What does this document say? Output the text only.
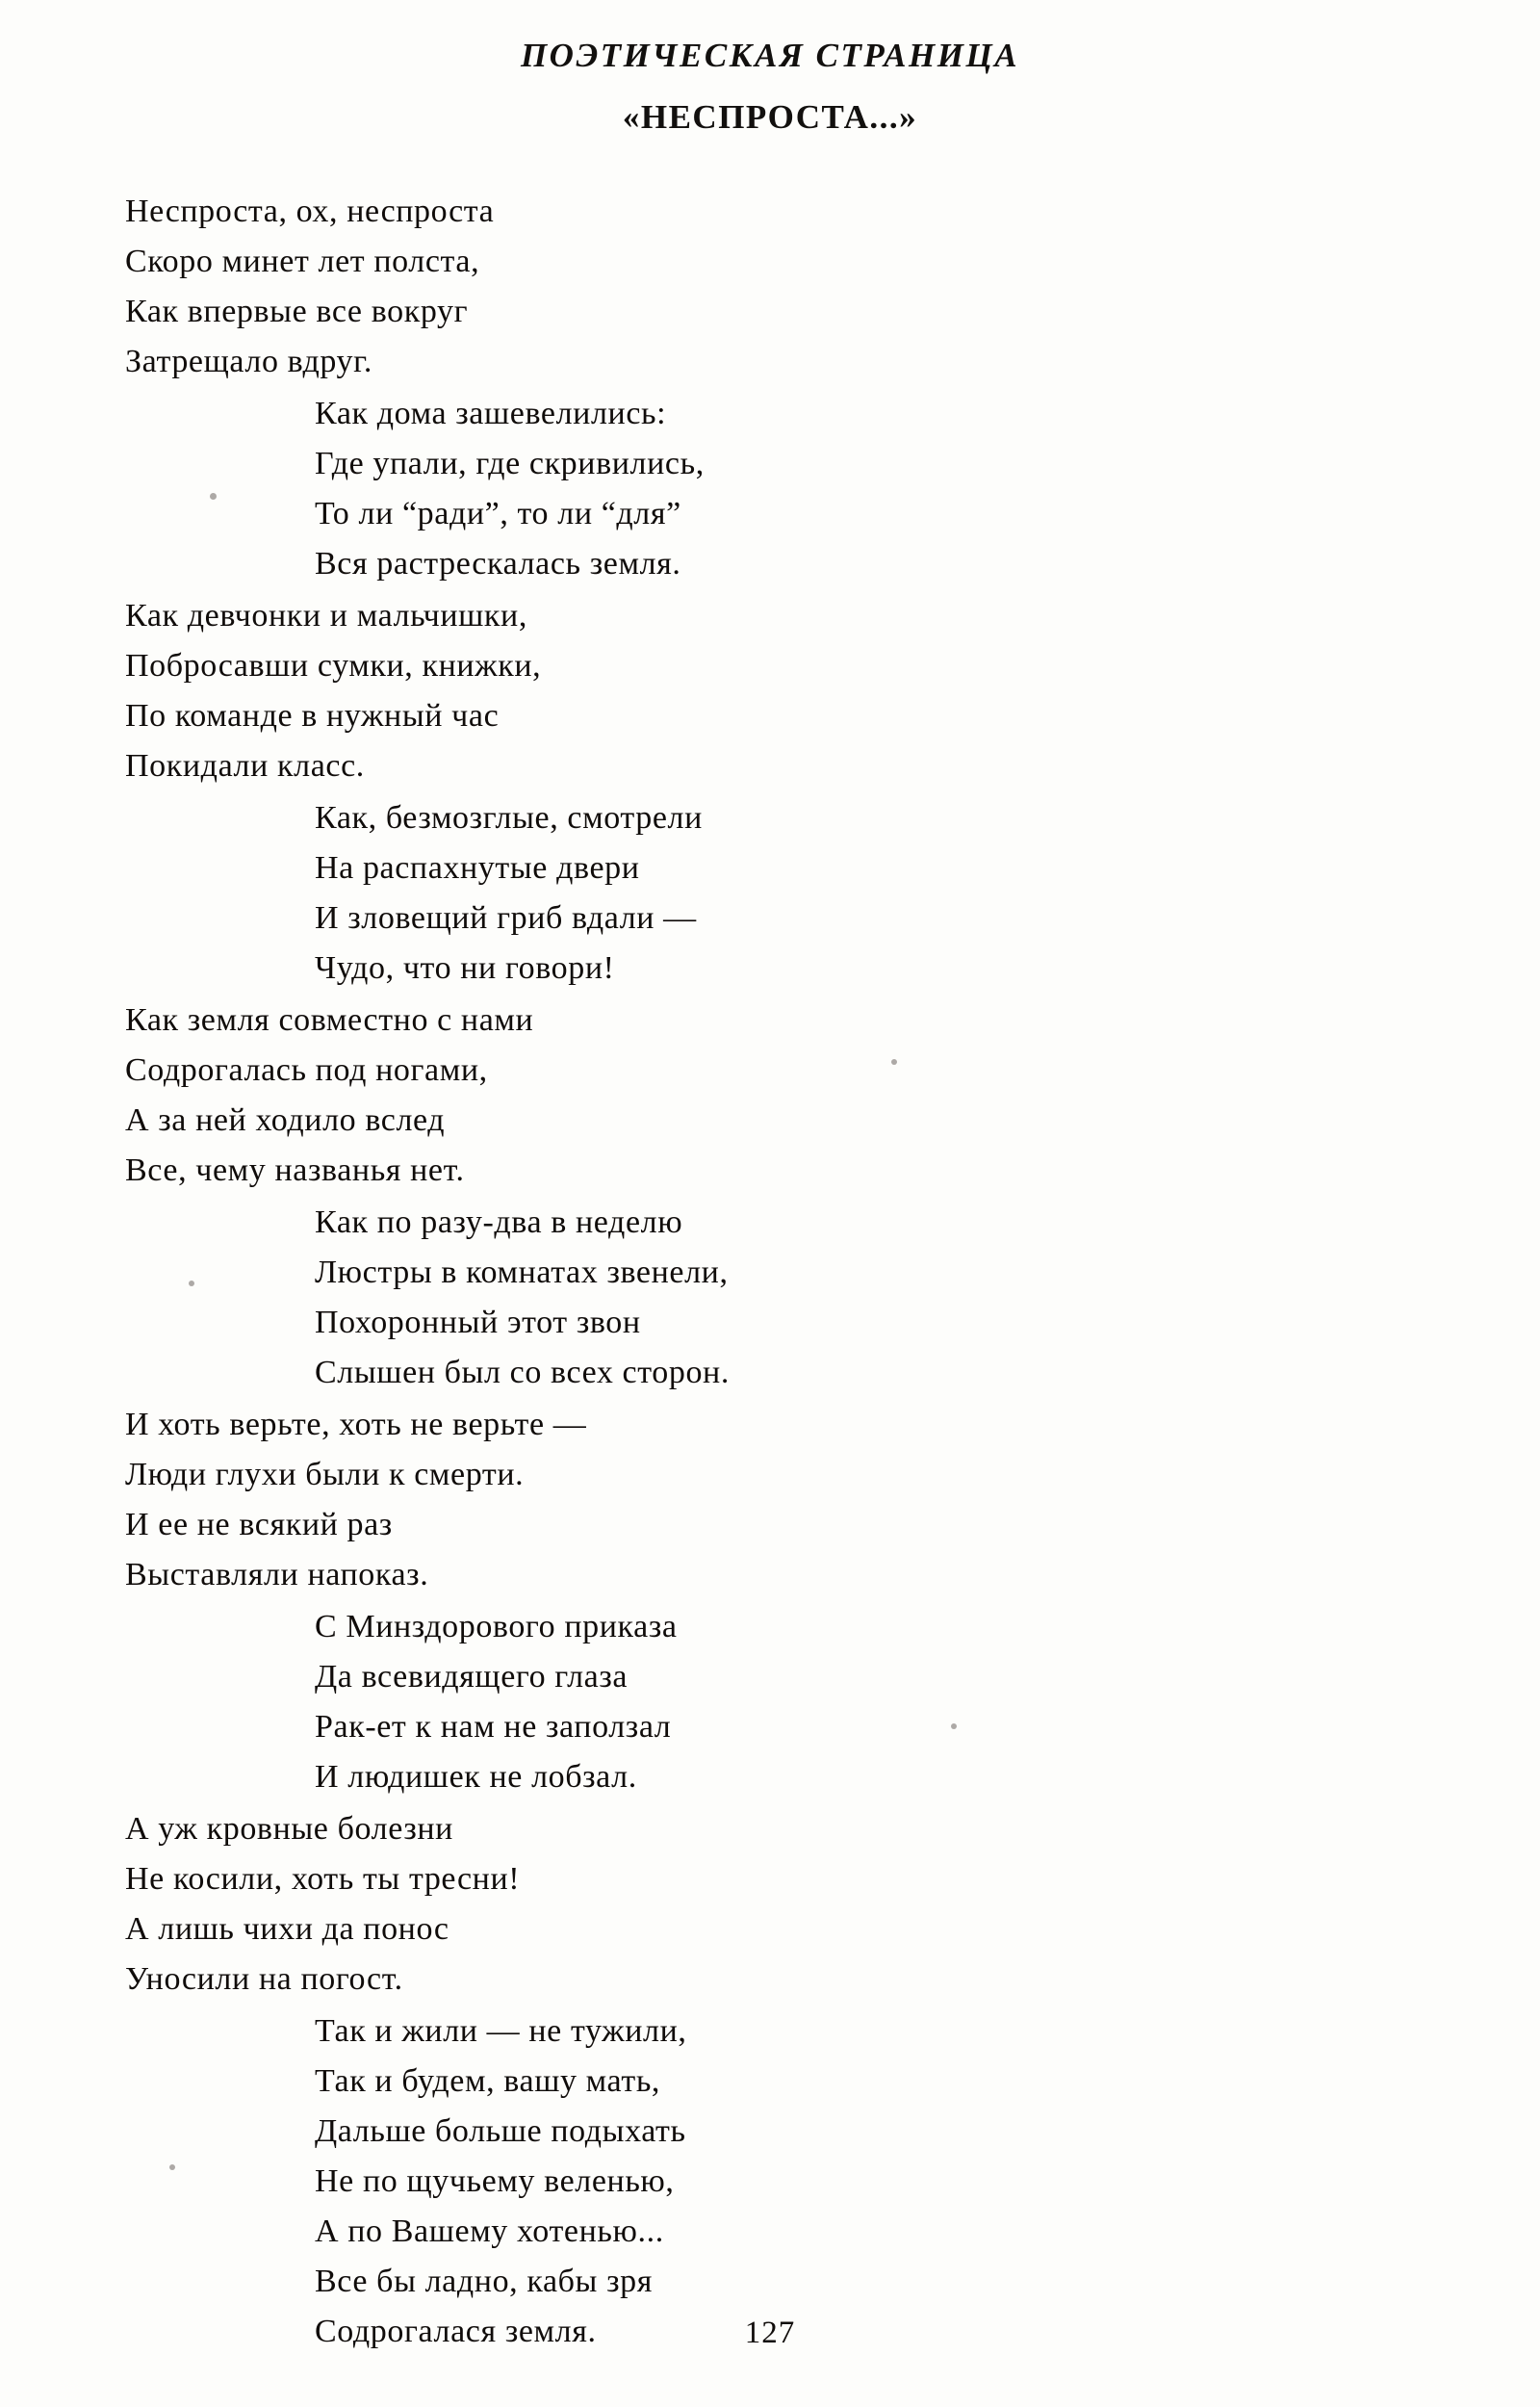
ПОЭТИЧЕСКАЯ СТРАНИЦА
«НЕСПРОСТА...»
Неспроста, ох, неспроста
Скоро минет лет полста,
Как впервые все вокруг
Затрещало вдруг.
Как дома зашевелились:
Где упали, где скривились,
То ли “ради”, то ли “для”
Вся растрескалась земля.
Как девчонки и мальчишки,
Побросавши сумки, книжки,
По команде в нужный час
Покидали класс.
Как, безмозглые, смотрели
На распахнутые двери
И зловещий гриб вдали —
Чудо, что ни говори!
Как земля совместно с нами
Содрогалась под ногами,
А за ней ходило вслед
Все, чему названья нет.
Как по разу-два в неделю
Люстры в комнатах звенели,
Похоронный этот звон
Слышен был со всех сторон.
И хоть верьте, хоть не верьте —
Люди глухи были к смерти.
И ее не всякий раз
Выставляли напоказ.
С Минздорового приказа
Да всевидящего глаза
Рак-ет к нам не заползал
И людишек не лобзал.
А уж кровные болезни
Не косили, хоть ты тресни!
А лишь чихи да понос
Уносили на погост.
Так и жили — не тужили,
Так и будем, вашу мать,
Дальше больше подыхать
Не по щучьему веленью,
А по Вашему хотенью...
Все бы ладно, кабы зря
Содрогалася земля.	127
